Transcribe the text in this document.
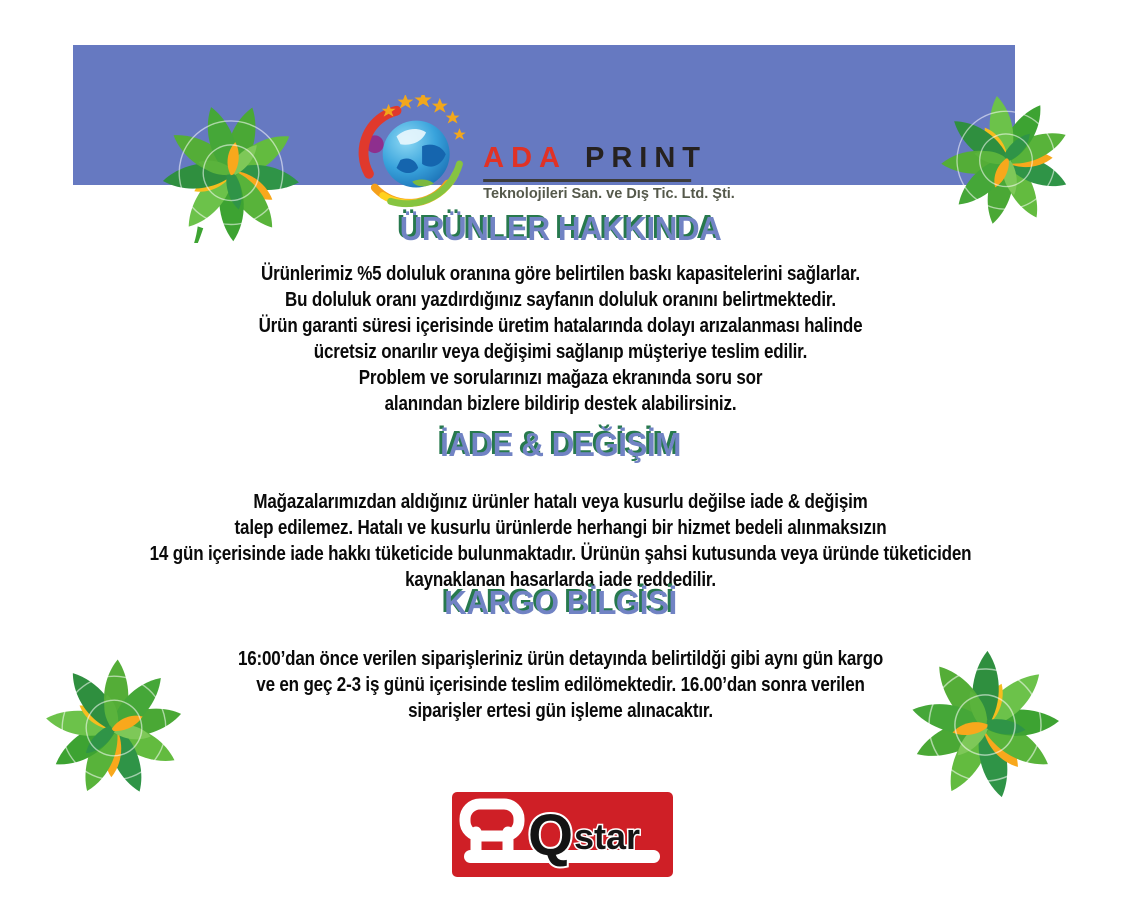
ADA PRINT
Teknolojileri San. ve Dış Tic. Ltd. Şti.
ÜRÜNLER HAKKINDA
Ürünlerimiz %5 doluluk oranına göre belirtilen baskı kapasitelerini sağlarlar.
Bu doluluk oranı yazdırdığınız sayfanın doluluk oranını belirtmektedir.
Ürün garanti süresi içerisinde üretim hatalarında dolayı arızalanması halinde
ücretsiz onarılır veya değişimi sağlanıp müşteriye teslim edilir.
Problem ve sorularınızı mağaza ekranında soru sor
alanından bizlere bildirip destek alabilirsiniz.
İADE & DEĞİŞİM
Mağazalarımızdan aldığınız ürünler hatalı veya kusurlu değilse iade & değişim
talep edilemez. Hatalı ve kusurlu ürünlerde herhangi bir hizmet bedeli alınmaksızın
14 gün içerisinde iade hakkı tüketicide bulunmaktadır. Ürünün şahsi kutusunda veya üründe tüketiciden
kaynaklanan hasarlarda iade reddedilir.
KARGO BİLGİSİ
16:00’dan önce verilen siparişleriniz ürün detayında belirtildği gibi aynı gün kargo
ve en geç 2-3 iş günü içerisinde teslim edilömektedir. 16.00’dan sonra verilen
siparişler ertesi gün işleme alınacaktır.
Q star
